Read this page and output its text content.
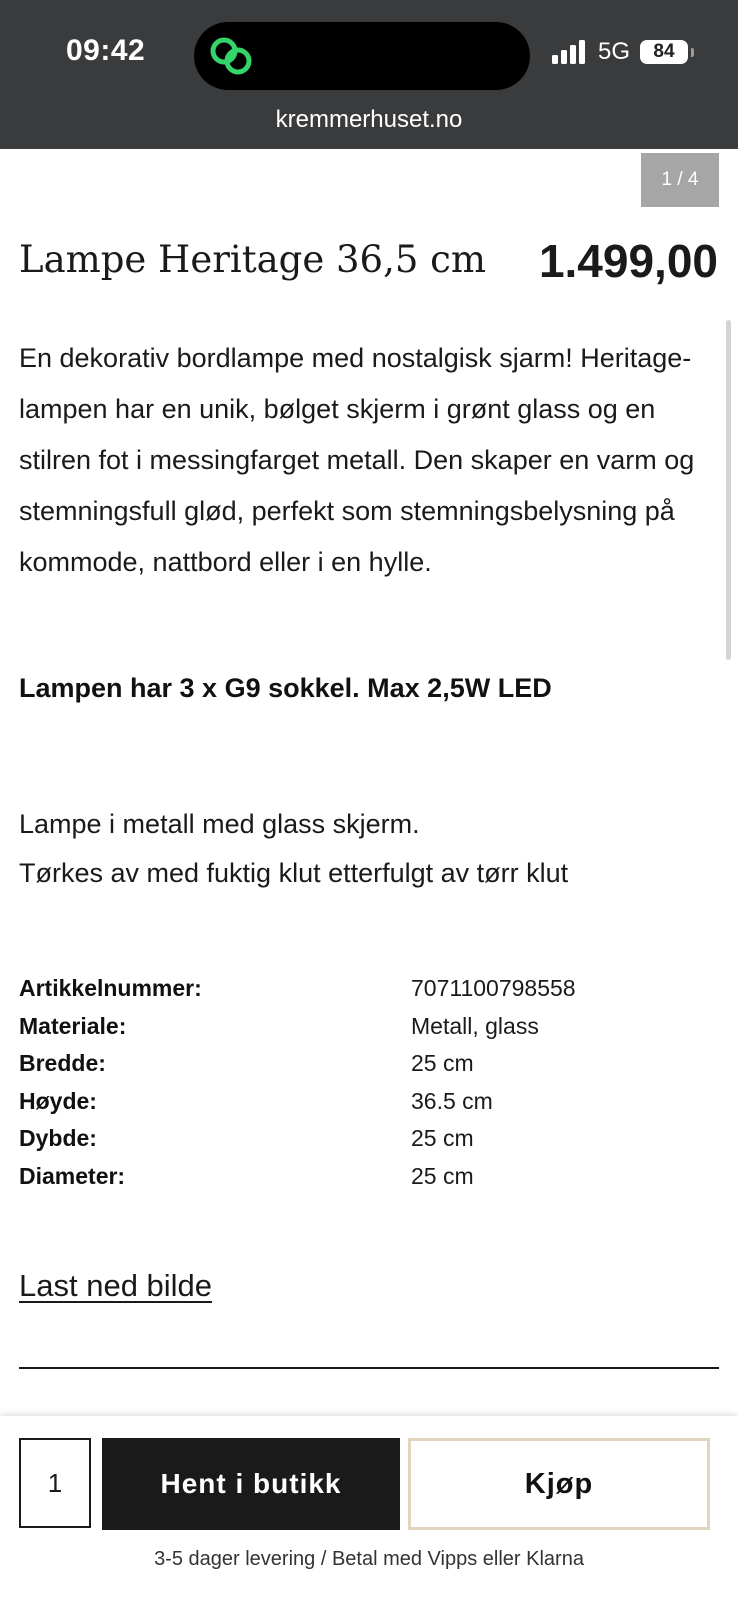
09:42	5G	84
kremmerhuset.no
1 / 4
Lampe Heritage 36,5 cm 1.499,00

En dekorativ bordlampe med nostalgisk sjarm! Heritage-lampen har en unik, bølget skjerm i grønt glass og en stilren fot i messingfarget metall. Den skaper en varm og stemningsfull glød, perfekt som stemningsbelysning på kommode, nattbord eller i en hylle.

Lampen har 3 x G9 sokkel. Max 2,5W LED
Lampe i metall med glass skjerm.
Tørkes av med fuktig klut etterfulgt av tørr klut
Artikkelnummer:	7071100798558
Materiale:	Metall, glass
Bredde:	25 cm
Høyde:	36.5 cm
Dybde:	25 cm
Diameter:	25 cm
Last ned bilde
1	Hent i butikk	Kjøp
3-5 dager levering / Betal med Vipps eller Klarna
